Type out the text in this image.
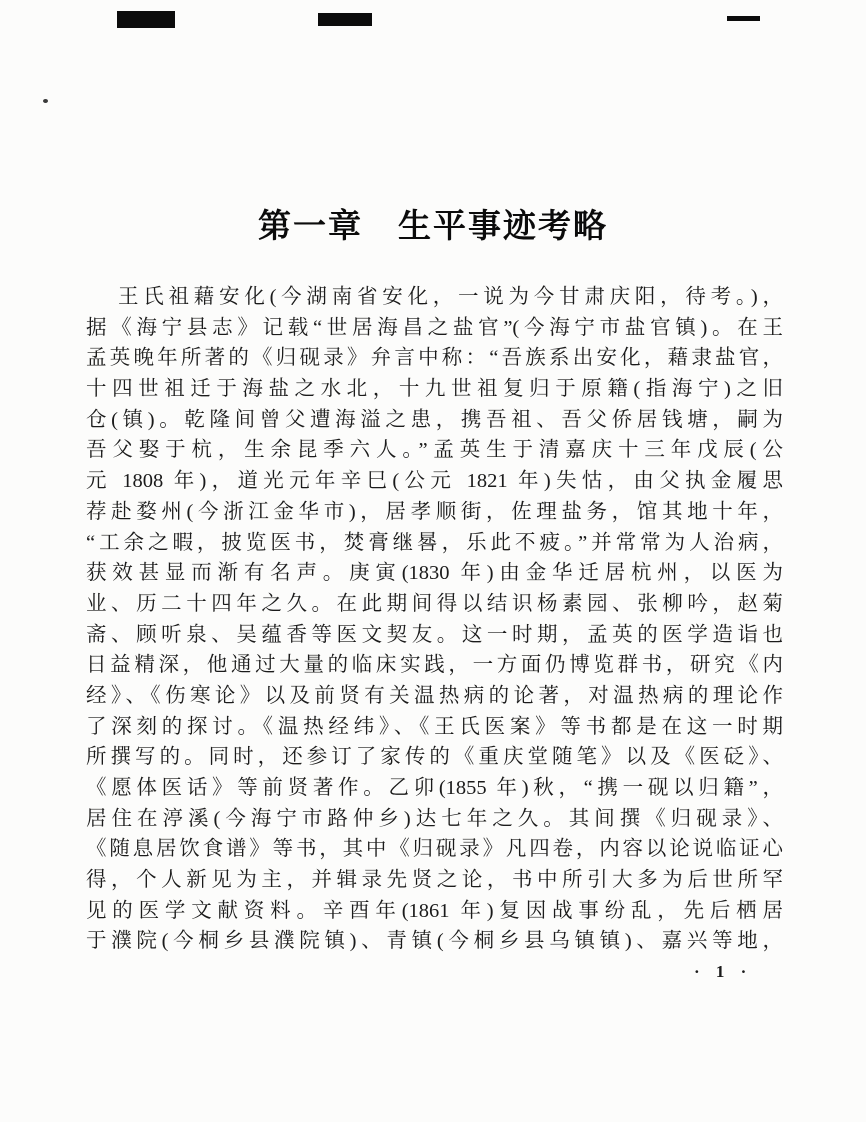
第一章　生平事迹考略
王氏祖藉安化(今湖南省安化，一说为今甘肃庆阳，待考。)，
据《海宁县志》记载“世居海昌之盐官”(今海宁市盐官镇)。在王
孟英晚年所著的《归砚录》弁言中称：“吾族系出安化，藉隶盐官，
十四世祖迁于海盐之水北，十九世祖复归于原籍(指海宁)之旧
仓(镇)。乾隆间曾父遭海溢之患，携吾祖、吾父侨居钱塘，嗣为
吾父娶于杭，生余昆季六人。”孟英生于清嘉庆十三年戊辰(公
元 1808 年)，道光元年辛巳(公元 1821 年)失怙，由父执金履思
荐赴婺州(今浙江金华市)，居孝顺街，佐理盐务，馆其地十年，
“工余之暇，披览医书，焚膏继晷，乐此不疲。”并常常为人治病，
获效甚显而渐有名声。庚寅(1830 年)由金华迁居杭州，以医为
业、历二十四年之久。在此期间得以结识杨素园、张柳吟，赵菊
斋、顾听泉、吴蕴香等医文契友。这一时期，孟英的医学造诣也
日益精深，他通过大量的临床实践，一方面仍博览群书，研究《内
经》、《伤寒论》以及前贤有关温热病的论著，对温热病的理论作
了深刻的探讨。《温热经纬》、《王氏医案》等书都是在这一时期
所撰写的。同时，还参订了家传的《重庆堂随笔》以及《医砭》、
《愿体医话》等前贤著作。乙卯(1855 年)秋，“携一砚以归籍”，
居住在渟溪(今海宁市路仲乡)达七年之久。其间撰《归砚录》、
《随息居饮食谱》等书，其中《归砚录》凡四卷，内容以论说临证心
得，个人新见为主，并辑录先贤之论，书中所引大多为后世所罕
见的医学文献资料。辛酉年(1861 年)复因战事纷乱，先后栖居
于濮院(今桐乡县濮院镇)、青镇(今桐乡县乌镇镇)、嘉兴等地，
· 1 ·
